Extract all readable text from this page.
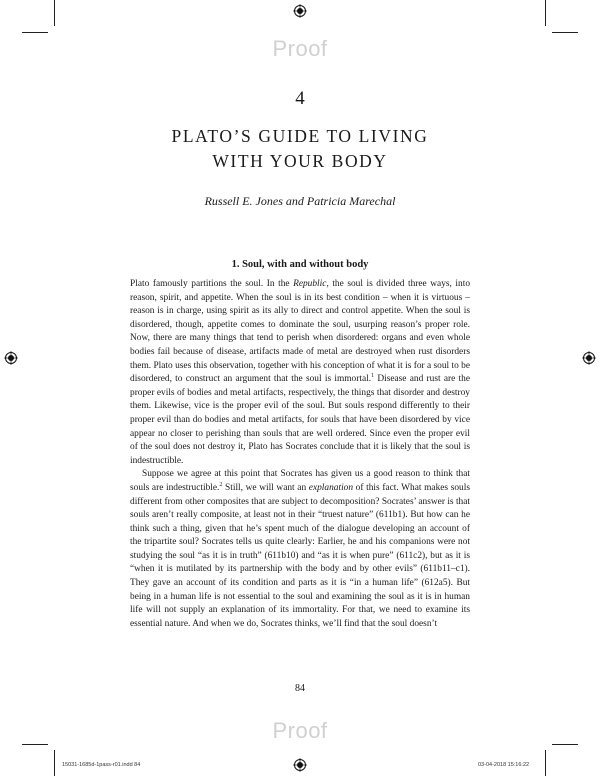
Proof
Proof
4
PLATO’S GUIDE TO LIVING
WITH YOUR BODY
Russell E. Jones and Patricia Marechal
1. Soul, with and without body

Plato famously partitions the soul. In the Republic, the soul is divided three ways, into reason, spirit, and appetite. When the soul is in its best condition – when it is virtuous – reason is in charge, using spirit as its ally to direct and control appetite. When the soul is disordered, though, appetite comes to dominate the soul, usurping reason’s proper role. Now, there are many things that tend to perish when disordered: organs and even whole bodies fail because of disease, artifacts made of metal are destroyed when rust disorders them. Plato uses this observation, together with his conception of what it is for a soul to be disordered, to construct an argument that the soul is immortal.$^1$ Disease and rust are the proper evils of bodies and metal artifacts, respectively, the things that disorder and destroy them. Likewise, vice is the proper evil of the soul. But souls respond differently to their proper evil than do bodies and metal artifacts, for souls that have been disordered by vice appear no closer to perishing than souls that are well ordered. Since even the proper evil of the soul does not destroy it, Plato has Socrates conclude that it is likely that the soul is indestructible.

Suppose we agree at this point that Socrates has given us a good reason to think that souls are indestructible.$^2$ Still, we will want an explanation of this fact. What makes souls different from other composites that are subject to decomposition? Socrates’ answer is that souls aren’t really composite, at least not in their “truest nature” (611b1). But how can he think such a thing, given that he’s spent much of the dialogue developing an account of the tripartite soul? Socrates tells us quite clearly: Earlier, he and his companions were not studying the soul “as it is in truth” (611b10) and “as it is when pure” (611c2), but as it is “when it is mutilated by its partnership with the body and by other evils” (611b11–c1). They gave an account of its condition and parts as it is “in a human life” (612a5). But being in a human life is not essential to the soul and examining the soul as it is in human life will not supply an explanation of its immortality. For that, we need to examine its essential nature. And when we do, Socrates thinks, we’ll find that the soul doesn’t

84
15031-1685d-1pass-r01.indd 84	03-04-2018 15:16:22
